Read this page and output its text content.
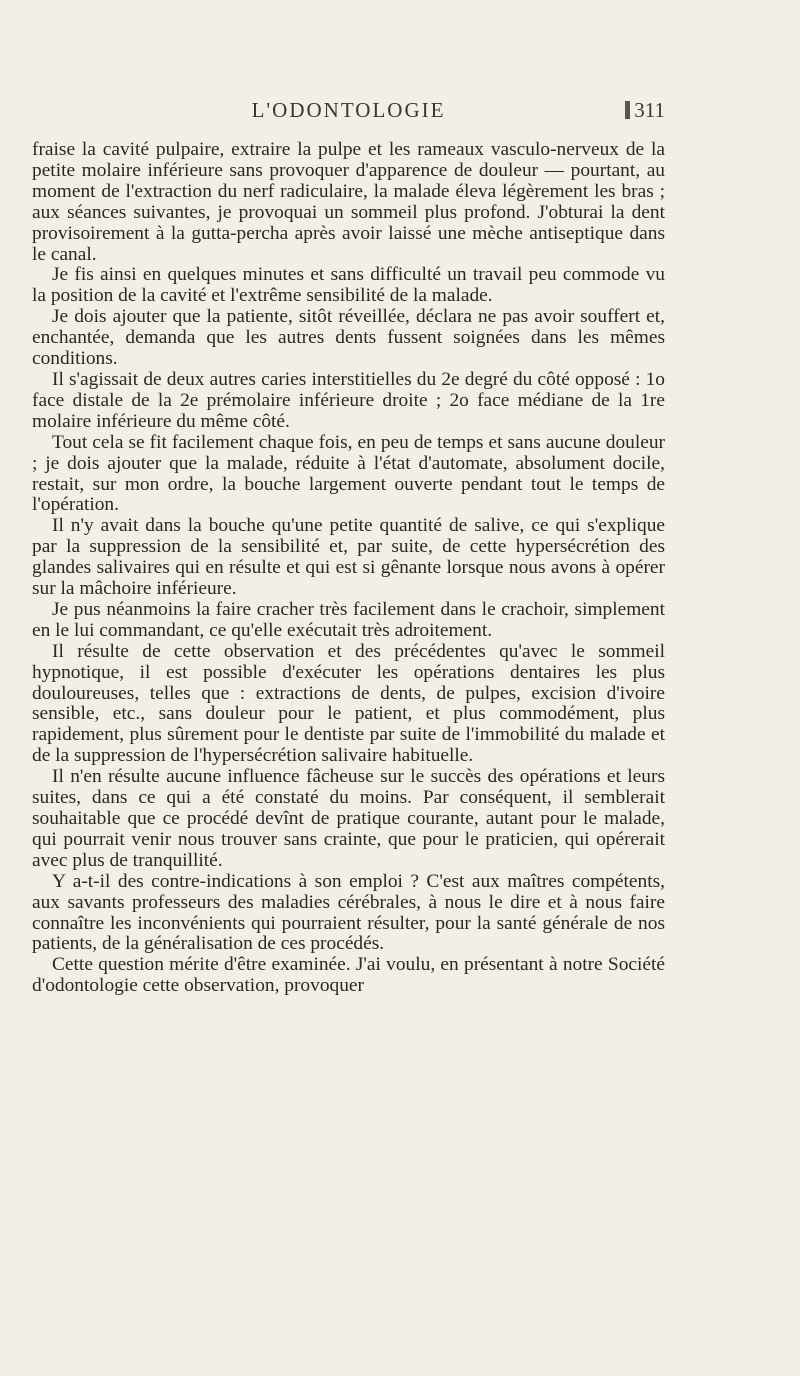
L'ODONTOLOGIE	311

fraise la cavité pulpaire, extraire la pulpe et les rameaux vasculo-nerveux de la petite molaire inférieure sans provoquer d'apparence de douleur — pourtant, au moment de l'extraction du nerf radiculaire, la malade éleva légèrement les bras ; aux séances suivantes, je provoquai un sommeil plus profond. J'obturai la dent provisoirement à la gutta-percha après avoir laissé une mèche antiseptique dans le canal.

Je fis ainsi en quelques minutes et sans difficulté un travail peu commode vu la position de la cavité et l'extrême sensibilité de la malade.

Je dois ajouter que la patiente, sitôt réveillée, déclara ne pas avoir souffert et, enchantée, demanda que les autres dents fussent soignées dans les mêmes conditions.

Il s'agissait de deux autres caries interstitielles du 2e degré du côté opposé : 1o face distale de la 2e prémolaire inférieure droite ; 2o face médiane de la 1re molaire inférieure du même côté.

Tout cela se fit facilement chaque fois, en peu de temps et sans aucune douleur ; je dois ajouter que la malade, réduite à l'état d'automate, absolument docile, restait, sur mon ordre, la bouche largement ouverte pendant tout le temps de l'opération.

Il n'y avait dans la bouche qu'une petite quantité de salive, ce qui s'explique par la suppression de la sensibilité et, par suite, de cette hypersécrétion des glandes salivaires qui en résulte et qui est si gênante lorsque nous avons à opérer sur la mâchoire inférieure.

Je pus néanmoins la faire cracher très facilement dans le crachoir, simplement en le lui commandant, ce qu'elle exécutait très adroitement.

Il résulte de cette observation et des précédentes qu'avec le sommeil hypnotique, il est possible d'exécuter les opérations dentaires les plus douloureuses, telles que : extractions de dents, de pulpes, excision d'ivoire sensible, etc., sans douleur pour le patient, et plus commodément, plus rapidement, plus sûrement pour le dentiste par suite de l'immobilité du malade et de la suppression de l'hypersécrétion salivaire habituelle.

Il n'en résulte aucune influence fâcheuse sur le succès des opérations et leurs suites, dans ce qui a été constaté du moins. Par conséquent, il semblerait souhaitable que ce procédé devînt de pratique courante, autant pour le malade, qui pourrait venir nous trouver sans crainte, que pour le praticien, qui opérerait avec plus de tranquillité.

Y a-t-il des contre-indications à son emploi ? C'est aux maîtres compétents, aux savants professeurs des maladies cérébrales, à nous le dire et à nous faire connaître les inconvénients qui pourraient résulter, pour la santé générale de nos patients, de la généralisation de ces procédés.

Cette question mérite d'être examinée. J'ai voulu, en présentant à notre Société d'odontologie cette observation, provoquer
